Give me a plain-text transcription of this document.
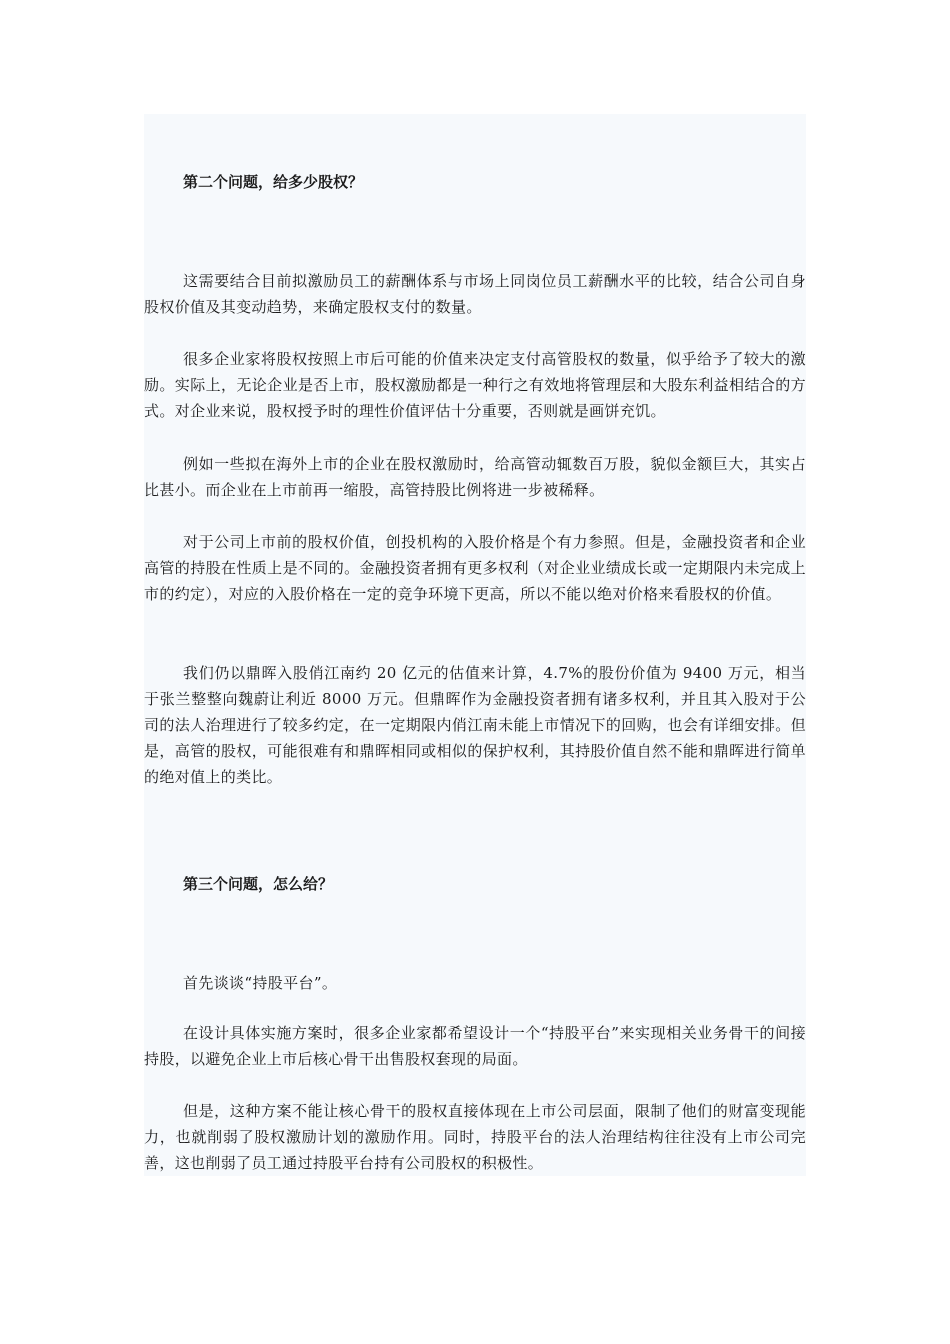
第二个问题，给多少股权？
这需要结合目前拟激励员工的薪酬体系与市场上同岗位员工薪酬水平的比较，结合公司自身股权价值及其变动趋势，来确定股权支付的数量。
很多企业家将股权按照上市后可能的价值来决定支付高管股权的数量，似乎给予了较大的激励。实际上，无论企业是否上市，股权激励都是一种行之有效地将管理层和大股东利益相结合的方式。对企业来说，股权授予时的理性价值评估十分重要，否则就是画饼充饥。
例如一些拟在海外上市的企业在股权激励时，给高管动辄数百万股，貌似金额巨大，其实占比甚小。而企业在上市前再一缩股，高管持股比例将进一步被稀释。
对于公司上市前的股权价值，创投机构的入股价格是个有力参照。但是，金融投资者和企业高管的持股在性质上是不同的。金融投资者拥有更多权利（对企业业绩成长或一定期限内未完成上市的约定），对应的入股价格在一定的竞争环境下更高，所以不能以绝对价格来看股权的价值。
我们仍以鼎晖入股俏江南约 20 亿元的估值来计算，4.7%的股份价值为 9400 万元，相当于张兰整整向魏蔚让利近 8000 万元。但鼎晖作为金融投资者拥有诸多权利，并且其入股对于公司的法人治理进行了较多约定，在一定期限内俏江南未能上市情况下的回购，也会有详细安排。但是，高管的股权，可能很难有和鼎晖相同或相似的保护权利，其持股价值自然不能和鼎晖进行简单的绝对值上的类比。
第三个问题，怎么给？
首先谈谈“持股平台”。
在设计具体实施方案时，很多企业家都希望设计一个“持股平台”来实现相关业务骨干的间接持股，以避免企业上市后核心骨干出售股权套现的局面。
但是，这种方案不能让核心骨干的股权直接体现在上市公司层面，限制了他们的财富变现能力，也就削弱了股权激励计划的激励作用。同时，持股平台的法人治理结构往往没有上市公司完善，这也削弱了员工通过持股平台持有公司股权的积极性。
